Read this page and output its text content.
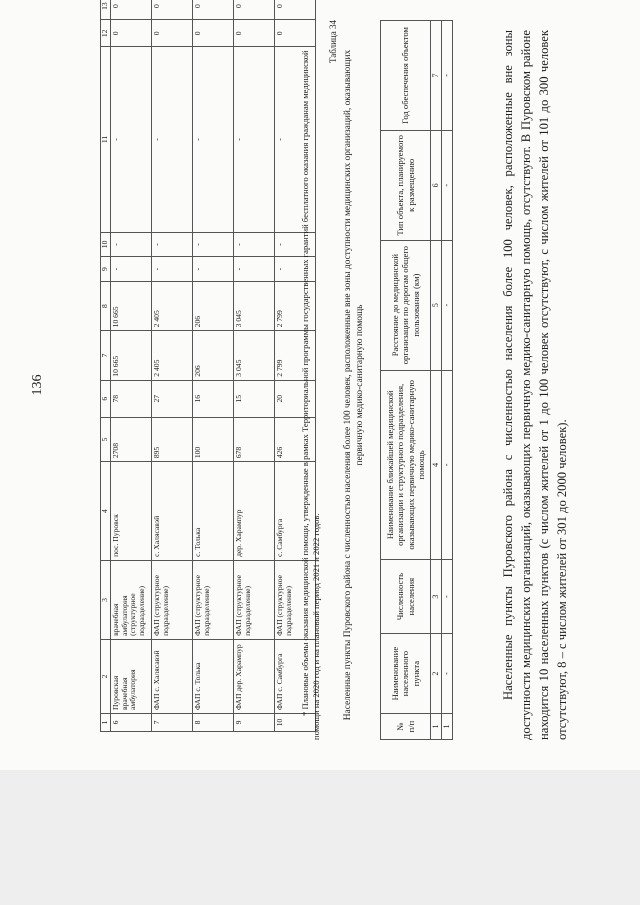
136
1	2	3	4	5	6	7	8	9	10	11	12	13
6	Пуровская врачебная амбулатория	врачебная амбулатория (структурное подразделение)	пос. Пуровск	2708	78	10 665	10 665	-	-	-	0	0
7	ФАП с. Халясавэй	ФАП (структурное подразделение)	с. Халясавэй	895	27	2 405	2 405	-	-	-	0	0
8	ФАП с. Толька	ФАП (структурное подразделение)	с. Толька	100	16	206	206	-	-	-	0	0
9	ФАП дер. Харампур	ФАП (структурное подразделение)	дер. Харампур	678	15	3 045	3 045	-	-	-	0	0
10	ФАП с. Самбурга	ФАП (структурное подразделение)	с. Самбурга	426	20	2 799	2 799	-	-	-	0	0
* Плановые объемы оказания медицинской помощи, утвержденные в рамках Территориальной программы государственных гарантий бесплатного оказания гражданам медицинской помощи на 2020 год и на плановый период 2021 и 2022 годов.
Таблица 34
Населенные пункты Пуровского района с численностью населения более 100 человек, расположенные вне зоны доступности медицинских организаций, оказывающих первичную медико-санитарную помощь
№ п/п	Наименование населенного пункта	Численность населения	Наименование ближайшей медицинской организации и структурного подразделения, оказывающих первичную медико-санитарную помощь	Расстояние до медицинской организации по дорогам общего пользования (км)	Тип объекта, планируемого к размещению	Год обеспечения объектом
1	2	3	4	5	6	7
1	-	-	-	-	-	-	Населенные пункты Пуровского района с численностью населения более 100 человек, расположенные вне зоны доступности медицинских организаций, оказывающих первичную медико-санитарную помощь, отсутствуют. В Пуровском районе находится 10 населенных пунктов (с числом жителей от 1 до 100 человек отсутствуют, с числом жителей от 101 до 300 человек отсутствуют, 8 – с числом жителей от 301 до 2000 человек).
